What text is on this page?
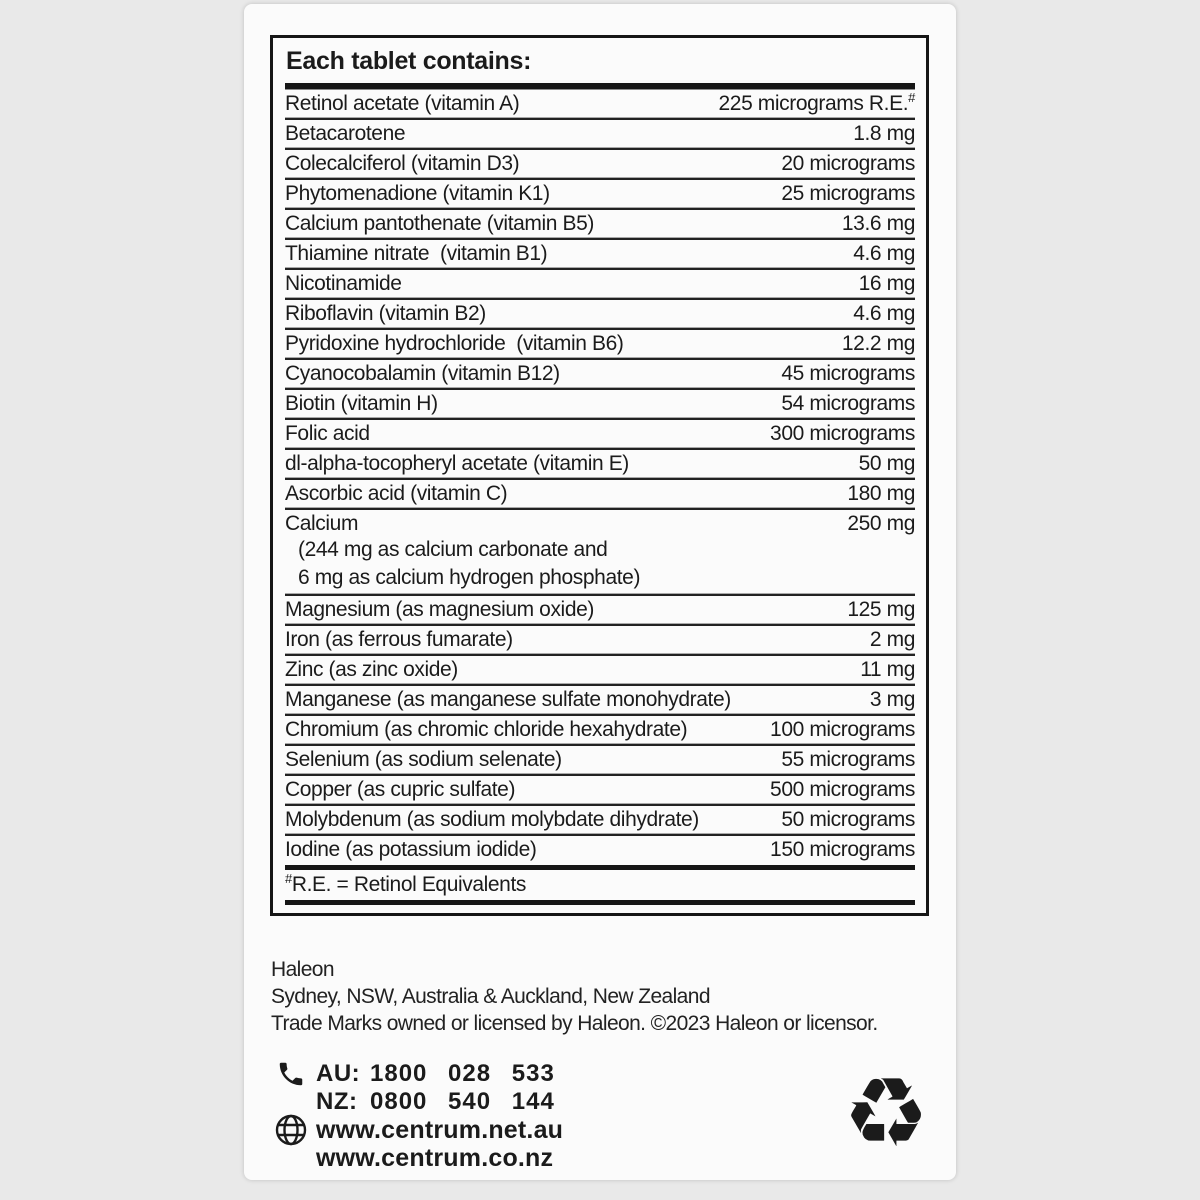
Each tablet contains:
Retinol acetate (vitamin A)	225 micrograms R.E.#
Betacarotene	1.8 mg
Colecalciferol (vitamin D3)	20 micrograms
Phytomenadione (vitamin K1)	25 micrograms
Calcium pantothenate (vitamin B5)	13.6 mg
Thiamine nitrate  (vitamin B1)	4.6 mg
Nicotinamide	16 mg
Riboflavin (vitamin B2)	4.6 mg
Pyridoxine hydrochloride  (vitamin B6)	12.2 mg
Cyanocobalamin (vitamin B12)	45 micrograms
Biotin (vitamin H)	54 micrograms
Folic acid	300 micrograms
dl-alpha-tocopheryl acetate (vitamin E)	50 mg
Ascorbic acid (vitamin C)	180 mg
Calcium	250 mg
(244 mg as calcium carbonate and
6 mg as calcium hydrogen phosphate)
Magnesium (as magnesium oxide)	125 mg
Iron (as ferrous fumarate)	2 mg
Zinc (as zinc oxide)	11 mg
Manganese (as manganese sulfate monohydrate)	3 mg
Chromium (as chromic chloride hexahydrate)	100 micrograms
Selenium (as sodium selenate)	55 micrograms
Copper (as cupric sulfate)	500 micrograms
Molybdenum (as sodium molybdate dihydrate)	50 micrograms
Iodine (as potassium iodide)	150 micrograms
#R.E. = Retinol Equivalents
Haleon
Sydney, NSW, Australia & Auckland, New Zealand
Trade Marks owned or licensed by Haleon. ©2023 Haleon or licensor.
AU: 1800 028 533
NZ: 0800 540 144
www.centrum.net.au
www.centrum.co.nz	♻
